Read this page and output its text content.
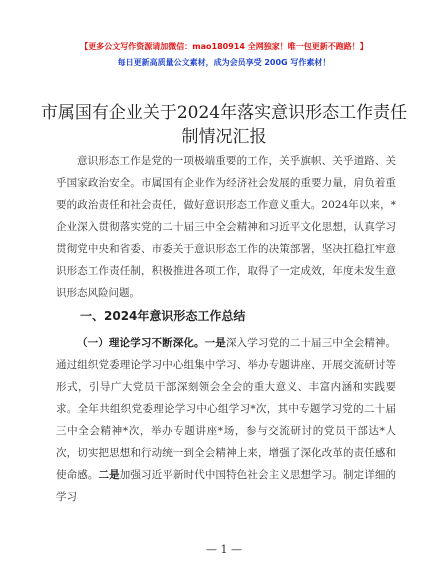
【更多公文写作资源请加微信：mao180914 全网独家！唯一包更新不跑路！】
每日更新高质量公文素材，成为会员享受 200G 写作素材！
市属国有企业关于2024年落实意识形态工作责任制情况汇报
意识形态工作是党的一项极端重要的工作，关乎旗帜、关乎道路、关乎国家政治安全。市属国有企业作为经济社会发展的重要力量，肩负着重要的政治责任和社会责任，做好意识形态工作意义重大。2024年以来，*企业深入贯彻落实党的二十届三中全会精神和习近平文化思想，认真学习贯彻党中央和省委、市委关于意识形态工作的决策部署，坚决扛稳扛牢意识形态工作责任制，积极推进各项工作，取得了一定成效，年度未发生意识形态风险问题。
一、2024年意识形态工作总结
（一）理论学习不断深化。一是深入学习党的二十届三中全会精神。通过组织党委理论学习中心组集中学习、举办专题讲座、开展交流研讨等形式，引导广大党员干部深刻领会全会的重大意义、丰富内涵和实践要求。全年共组织党委理论学习中心组学习*次，其中专题学习党的二十届三中全会精神*次，举办专题讲座*场，参与交流研讨的党员干部达*人次，切实把思想和行动统一到全会精神上来，增强了深化改革的责任感和使命感。二是加强习近平新时代中国特色社会主义思想学习。制定详细的学习
— 1 —
